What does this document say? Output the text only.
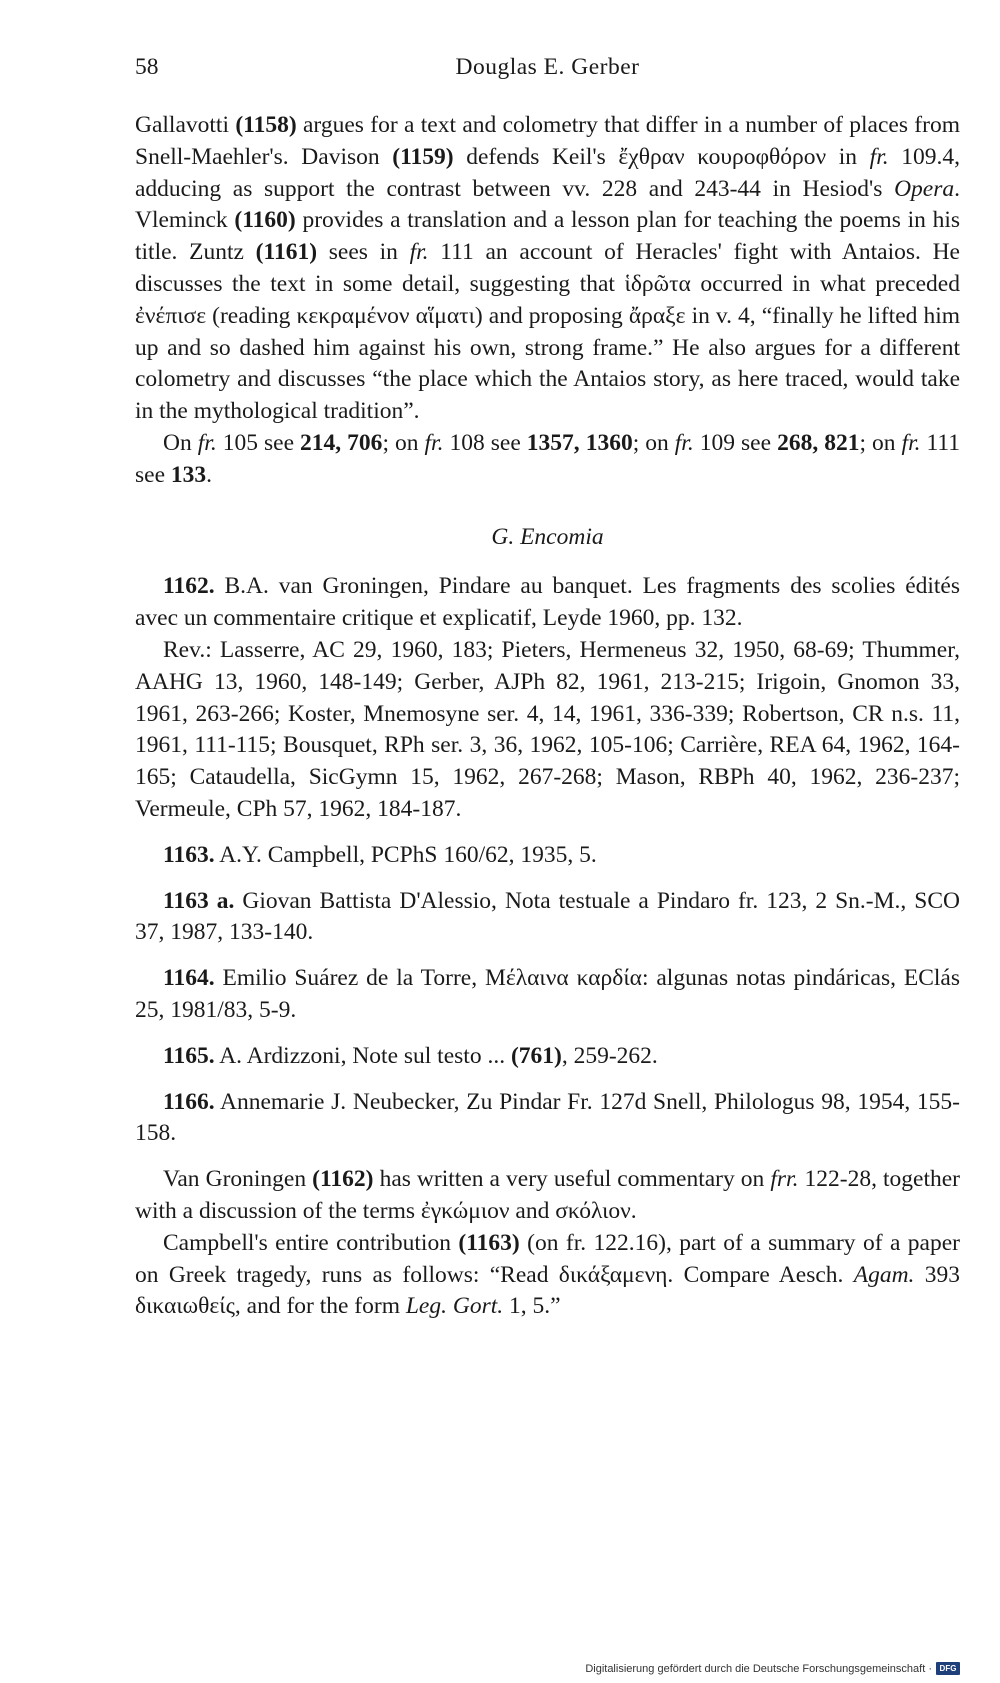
58	Douglas E. Gerber

Gallavotti (1158) argues for a text and colometry that differ in a number of places from Snell-Maehler's. Davison (1159) defends Keil's ἔχθραν κουροφθόρον in fr. 109.4, adducing as support the contrast between vv. 228 and 243-44 in Hesiod's Opera. Vleminck (1160) provides a translation and a lesson plan for teaching the poems in his title. Zuntz (1161) sees in fr. 111 an account of Heracles' fight with Antaios. He discusses the text in some detail, suggesting that ἱδρῶτα occurred in what preceded ἐνέπισε (reading κεκραμένον αἵματι) and proposing ἄραξε in v. 4, “finally he lifted him up and so dashed him against his own, strong frame.” He also argues for a different colometry and discusses “the place which the Antaios story, as here traced, would take in the mythological tradition”.

On fr. 105 see 214, 706; on fr. 108 see 1357, 1360; on fr. 109 see 268, 821; on fr. 111 see 133.

G. Encomia

1162. B.A. van Groningen, Pindare au banquet. Les fragments des scolies édités avec un commentaire critique et explicatif, Leyde 1960, pp. 132.

Rev.: Lasserre, AC 29, 1960, 183; Pieters, Hermeneus 32, 1950, 68-69; Thummer, AAHG 13, 1960, 148-149; Gerber, AJPh 82, 1961, 213-215; Irigoin, Gnomon 33, 1961, 263-266; Koster, Mnemosyne ser. 4, 14, 1961, 336-339; Robertson, CR n.s. 11, 1961, 111-115; Bousquet, RPh ser. 3, 36, 1962, 105-106; Carrière, REA 64, 1962, 164-165; Cataudella, SicGymn 15, 1962, 267-268; Mason, RBPh 40, 1962, 236-237; Vermeule, CPh 57, 1962, 184-187.

1163. A.Y. Campbell, PCPhS 160/62, 1935, 5.

1163 a. Giovan Battista D'Alessio, Nota testuale a Pindaro fr. 123, 2 Sn.-M., SCO 37, 1987, 133-140.

1164. Emilio Suárez de la Torre, Μέλαινα καρδία: algunas notas pindáricas, EClás 25, 1981/83, 5-9.

1165. A. Ardizzoni, Note sul testo ... (761), 259-262.

1166. Annemarie J. Neubecker, Zu Pindar Fr. 127d Snell, Philologus 98, 1954, 155-158.

Van Groningen (1162) has written a very useful commentary on frr. 122-28, together with a discussion of the terms ἐγκώμιον and σκόλιον.

Campbell's entire contribution (1163) (on fr. 122.16), part of a summary of a paper on Greek tragedy, runs as follows: “Read δικάξαμενη. Compare Aesch. Agam. 393 δικαιωθείς, and for the form Leg. Gort. 1, 5.”

Digitalisierung gefördert durch die Deutsche Forschungsgemeinschaft · DFG
